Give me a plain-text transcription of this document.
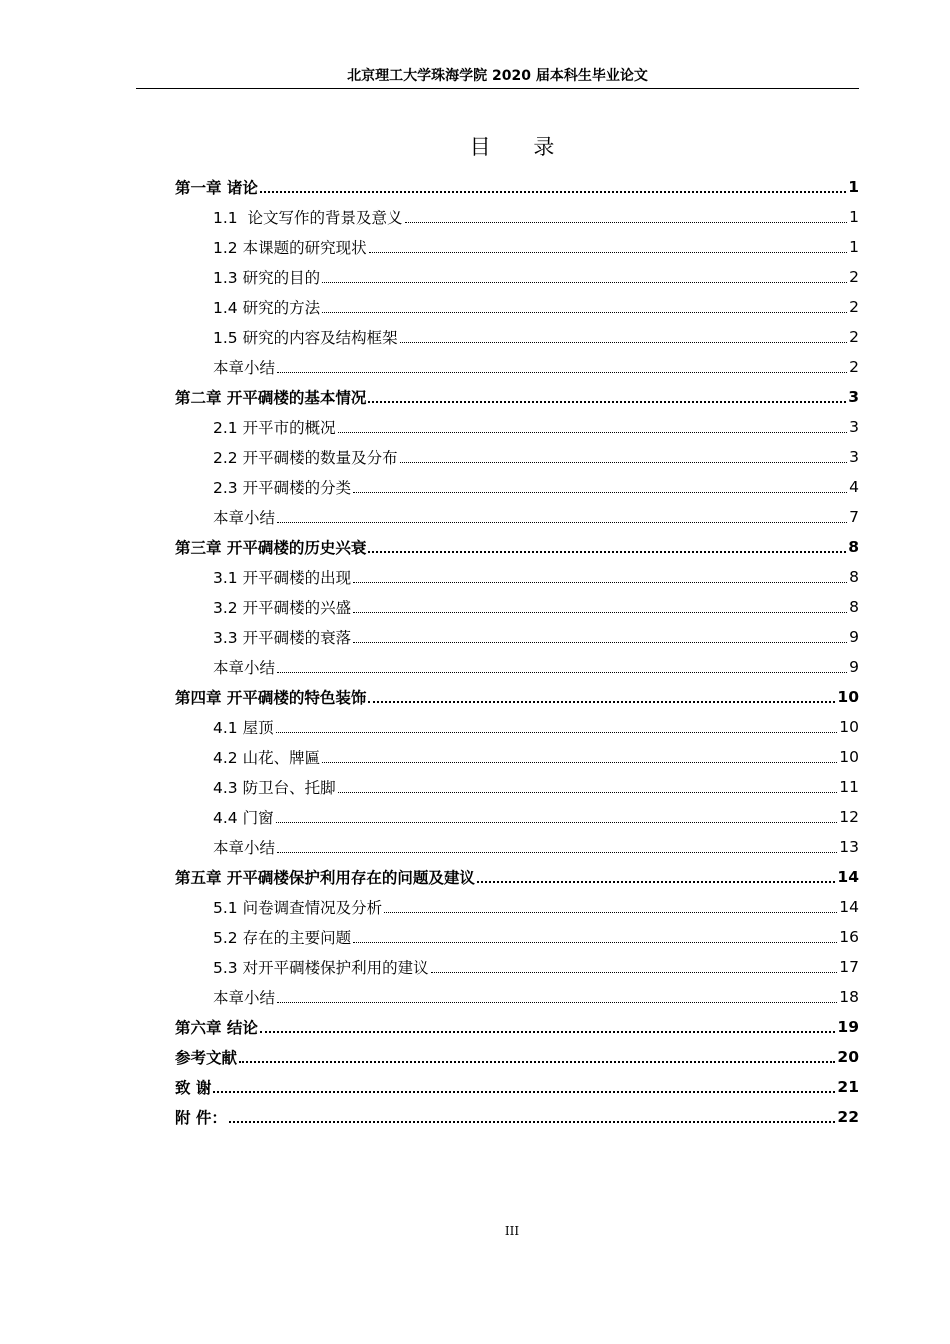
北京理工大学珠海学院 2020 届本科生毕业论文
目 录
第一章 诸论	1
1.1  论文写作的背景及意义	1
1.2 本课题的研究现状	1
1.3 研究的目的	2
1.4 研究的方法	2
1.5 研究的内容及结构框架	2
本章小结	2
第二章 开平碉楼的基本情况	3
2.1 开平市的概况	3
2.2 开平碉楼的数量及分布	3
2.3 开平碉楼的分类	4
本章小结	7
第三章 开平碉楼的历史兴衰	8
3.1 开平碉楼的出现	8
3.2 开平碉楼的兴盛	8
3.3 开平碉楼的衰落	9
本章小结	9
第四章 开平碉楼的特色装饰	10
4.1 屋顶	10
4.2 山花、牌匾	10
4.3 防卫台、托脚	11
4.4 门窗	12
本章小结	13
第五章 开平碉楼保护利用存在的问题及建议	14
5.1 问卷调查情况及分析	14
5.2 存在的主要问题	16
5.3 对开平碉楼保护利用的建议	17
本章小结	18
第六章 结论	19
参考文献	20
致 谢	21
附 件：	22
III
